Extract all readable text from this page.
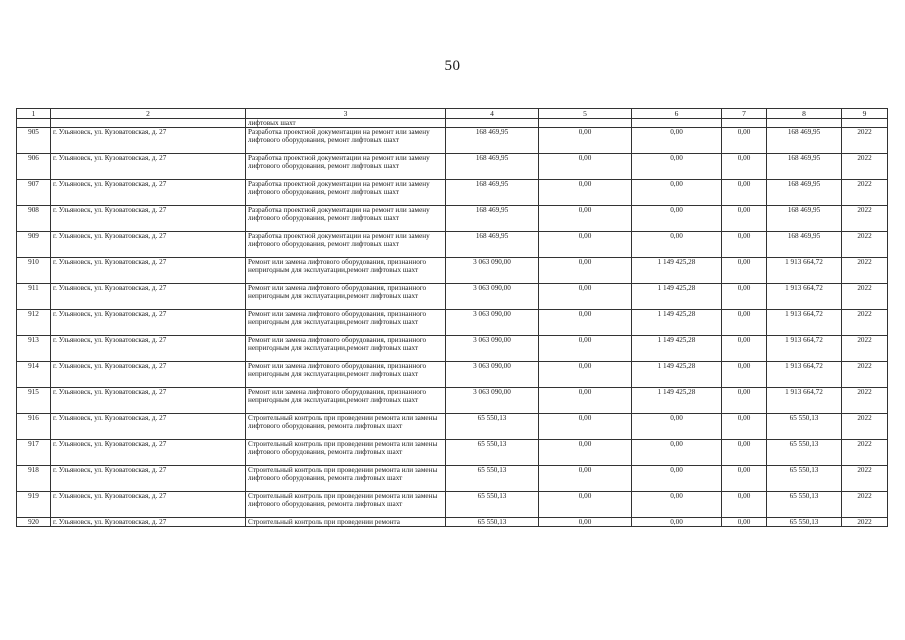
50
1	2	3	4	5	6	7	8	9
		лифтовых шахт						
905	г. Ульяновск, ул. Кузоватовская, д. 27	Разработка проектной документации на ремонт или замену лифтового оборудования, ремонт лифтовых шахт	168 469,95	0,00	0,00	0,00	168 469,95	2022
906	г. Ульяновск, ул. Кузоватовская, д. 27	Разработка проектной документации на ремонт или замену лифтового оборудования, ремонт лифтовых шахт	168 469,95	0,00	0,00	0,00	168 469,95	2022
907	г. Ульяновск, ул. Кузоватовская, д. 27	Разработка проектной документации на ремонт или замену лифтового оборудования, ремонт лифтовых шахт	168 469,95	0,00	0,00	0,00	168 469,95	2022
908	г. Ульяновск, ул. Кузоватовская, д. 27	Разработка проектной документации на ремонт или замену лифтового оборудования, ремонт лифтовых шахт	168 469,95	0,00	0,00	0,00	168 469,95	2022
909	г. Ульяновск, ул. Кузоватовская, д. 27	Разработка проектной документации на ремонт или замену лифтового оборудования, ремонт лифтовых шахт	168 469,95	0,00	0,00	0,00	168 469,95	2022
910	г. Ульяновск, ул. Кузоватовская, д. 27	Ремонт или замена лифтового оборудования, признанного непригодным для эксплуатации,ремонт лифтовых шахт	3 063 090,00	0,00	1 149 425,28	0,00	1 913 664,72	2022
911	г. Ульяновск, ул. Кузоватовская, д. 27	Ремонт или замена лифтового оборудования, признанного непригодным для эксплуатации,ремонт лифтовых шахт	3 063 090,00	0,00	1 149 425,28	0,00	1 913 664,72	2022
912	г. Ульяновск, ул. Кузоватовская, д. 27	Ремонт или замена лифтового оборудования, признанного непригодным для эксплуатации,ремонт лифтовых шахт	3 063 090,00	0,00	1 149 425,28	0,00	1 913 664,72	2022
913	г. Ульяновск, ул. Кузоватовская, д. 27	Ремонт или замена лифтового оборудования, признанного непригодным для эксплуатации,ремонт лифтовых шахт	3 063 090,00	0,00	1 149 425,28	0,00	1 913 664,72	2022
914	г. Ульяновск, ул. Кузоватовская, д. 27	Ремонт или замена лифтового оборудования, признанного непригодным для эксплуатации,ремонт лифтовых шахт	3 063 090,00	0,00	1 149 425,28	0,00	1 913 664,72	2022
915	г. Ульяновск, ул. Кузоватовская, д. 27	Ремонт или замена лифтового оборудования, признанного непригодным для эксплуатации,ремонт лифтовых шахт	3 063 090,00	0,00	1 149 425,28	0,00	1 913 664,72	2022
916	г. Ульяновск, ул. Кузоватовская, д. 27	Строительный контроль при проведении ремонта или замены лифтового оборудования, ремонта лифтовых шахт	65 550,13	0,00	0,00	0,00	65 550,13	2022
917	г. Ульяновск, ул. Кузоватовская, д. 27	Строительный контроль при проведении ремонта или замены лифтового оборудования, ремонта лифтовых шахт	65 550,13	0,00	0,00	0,00	65 550,13	2022
918	г. Ульяновск, ул. Кузоватовская, д. 27	Строительный контроль при проведении ремонта или замены лифтового оборудования, ремонта лифтовых шахт	65 550,13	0,00	0,00	0,00	65 550,13	2022
919	г. Ульяновск, ул. Кузоватовская, д. 27	Строительный контроль при проведении ремонта или замены лифтового оборудования, ремонта лифтовых шахт	65 550,13	0,00	0,00	0,00	65 550,13	2022
920	г. Ульяновск, ул. Кузоватовская, д. 27	Строительный контроль при проведении ремонта	65 550,13	0,00	0,00	0,00	65 550,13	2022
